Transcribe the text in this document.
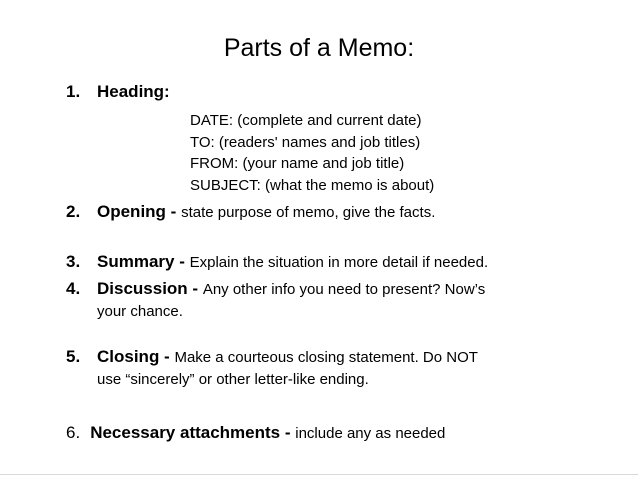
Parts of a Memo:
1. Heading:
DATE: (complete and current date)
TO: (readers' names and job titles)
FROM: (your name and job title)
SUBJECT: (what the memo is about)
2. Opening - state purpose of memo, give the facts.
3. Summary - Explain the situation in more detail if needed.
4. Discussion - Any other info you need to present? Now’s
your chance.
5. Closing - Make a courteous closing statement. Do NOT
use “sincerely” or other letter-like ending.
6. Necessary attachments - include any as needed
